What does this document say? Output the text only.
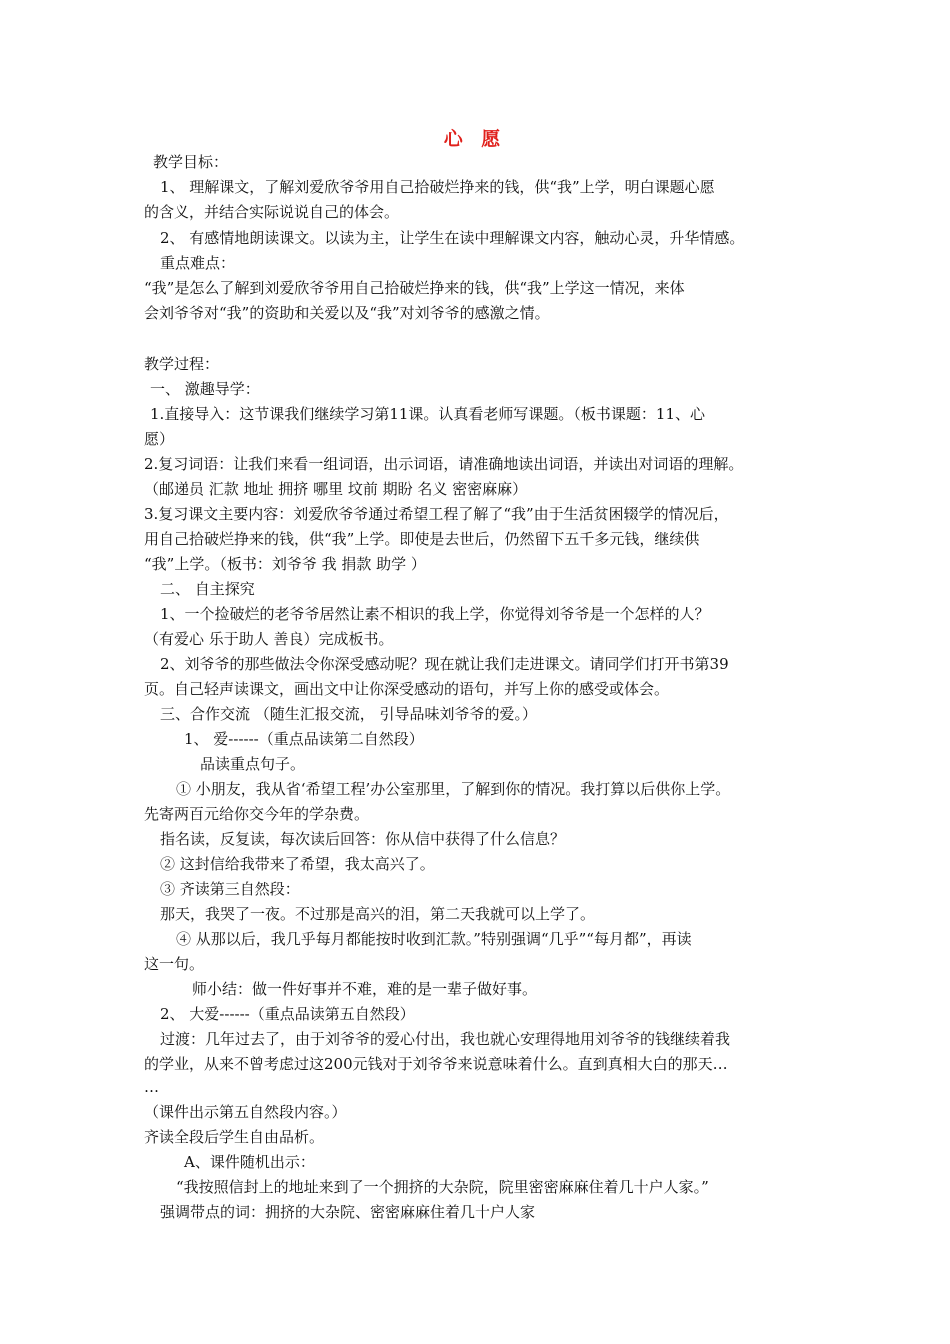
心 愿
教学目标：
1、 理解课文，了解刘爱欣爷爷用自己拾破烂挣来的钱，供“我”上学，明白课题心愿
的含义，并结合实际说说自己的体会。
2、 有感情地朗读课文。以读为主，让学生在读中理解课文内容，触动心灵，升华情感。
重点难点：
“我”是怎么了解到刘爱欣爷爷用自己拾破烂挣来的钱，供“我”上学这一情况，来体
会刘爷爷对“我”的资助和关爱以及“我”对刘爷爷的感激之情。
教学过程：
一、 激趣导学：
1.直接导入：这节课我们继续学习第11课。认真看老师写课题。（板书课题：11、心
愿）
2.复习词语：让我们来看一组词语，出示词语，请准确地读出词语，并读出对词语的理解。
（邮递员 汇款 地址 拥挤 哪里 坟前 期盼 名义 密密麻麻）
3.复习课文主要内容：刘爱欣爷爷通过希望工程了解了“我”由于生活贫困辍学的情况后，
用自己拾破烂挣来的钱，供“我”上学。即使是去世后，仍然留下五千多元钱，继续供
“我”上学。（板书：刘爷爷 我 捐款 助学 ）
二、 自主探究
1、一个捡破烂的老爷爷居然让素不相识的我上学，你觉得刘爷爷是一个怎样的人？
（有爱心 乐于助人 善良）完成板书。
2、刘爷爷的那些做法令你深受感动呢？现在就让我们走进课文。请同学们打开书第39
页。自己轻声读课文，画出文中让你深受感动的语句，并写上你的感受或体会。
三、合作交流 （随生汇报交流， 引导品味刘爷爷的爱。）
1、 爱------（重点品读第二自然段）
品读重点句子。
① 小朋友，我从省‘希望工程’办公室那里，了解到你的情况。我打算以后供你上学。
先寄两百元给你交今年的学杂费。
指名读，反复读，每次读后回答：你从信中获得了什么信息？
② 这封信给我带来了希望，我太高兴了。
③ 齐读第三自然段：
那天，我哭了一夜。不过那是高兴的泪，第二天我就可以上学了。
④ 从那以后，我几乎每月都能按时收到汇款。”特别强调“几乎”“每月都”，再读
这一句。
师小结：做一件好事并不难，难的是一辈子做好事。
2、 大爱------（重点品读第五自然段）
过渡：几年过去了，由于刘爷爷的爱心付出，我也就心安理得地用刘爷爷的钱继续着我
的学业，从来不曾考虑过这200元钱对于刘爷爷来说意味着什么。直到真相大白的那天…
…
（课件出示第五自然段内容。）
齐读全段后学生自由品析。
A、课件随机出示：
“我按照信封上的地址来到了一个拥挤的大杂院，院里密密麻麻住着几十户人家。”
强调带点的词：拥挤的大杂院、密密麻麻住着几十户人家
